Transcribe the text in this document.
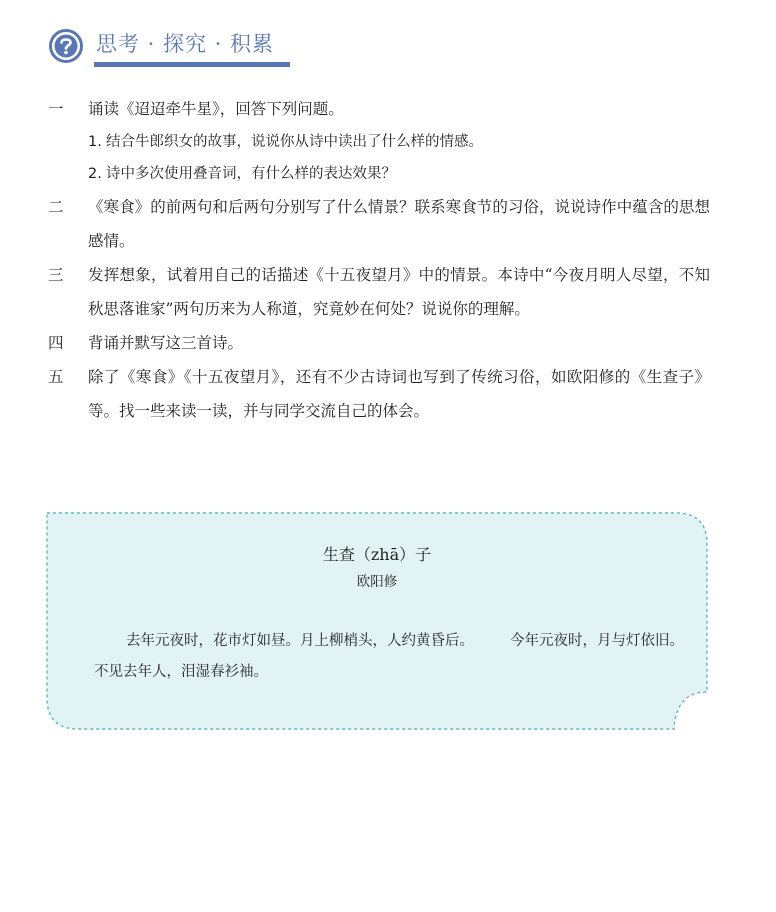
思考 · 探究 · 积累
一	诵读《迢迢牵牛星》，回答下列问题。
1. 结合牛郎织女的故事，说说你从诗中读出了什么样的情感。
2. 诗中多次使用叠音词，有什么样的表达效果？
二	《寒食》的前两句和后两句分别写了什么情景？联系寒食节的习俗，说说诗作中蕴含的思想感情。
三	发挥想象，试着用自己的话描述《十五夜望月》中的情景。本诗中“今夜月明人尽望，不知秋思落谁家”两句历来为人称道，究竟妙在何处？说说你的理解。
四	背诵并默写这三首诗。
五	除了《寒食》《十五夜望月》，还有不少古诗词也写到了传统习俗，如欧阳修的《生查子》等。找一些来读一读，并与同学交流自己的体会。
生查（zhā）子
欧阳修
去年元夜时，花市灯如昼。月上柳梢头，人约黄昏后。 今年元夜时，月与灯依旧。不见去年人，泪湿春衫袖。
